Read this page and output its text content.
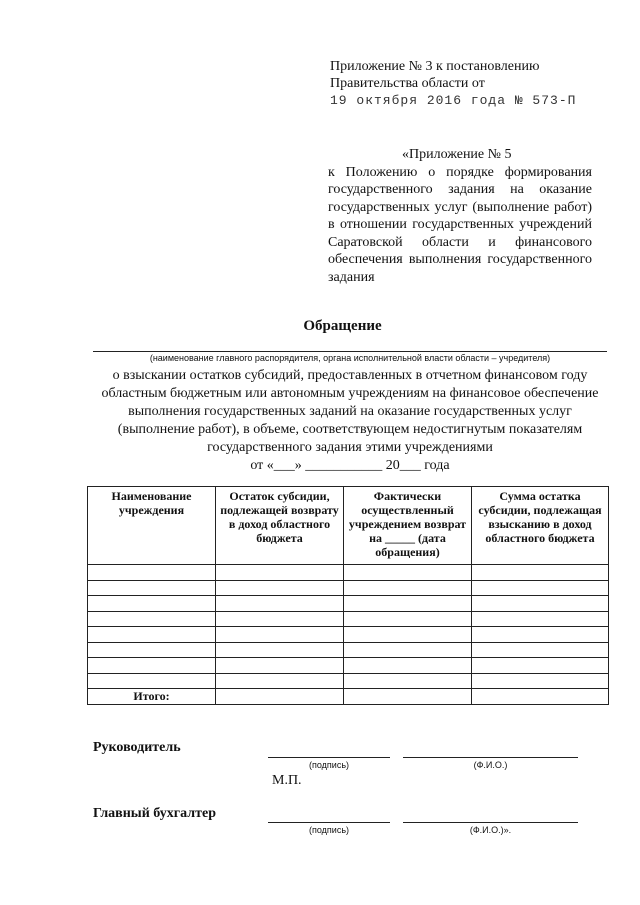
Приложение № 3 к постановлению
Правительства области от
19 октября 2016 года № 573-П
«Приложение № 5
к Положению о порядке формирования государственного задания на оказание государственных услуг (выполнение работ) в отношении государственных учреждений Саратовской области и финансового обеспечения выполнения государственного задания
Обращение
(наименование главного распорядителя, органа исполнительной власти области – учредителя)
о взыскании остатков субсидий, предоставленных в отчетном финансовом году
областным бюджетным или автономным учреждениям на финансовое обеспечение
выполнения государственных заданий на оказание государственных услуг
(выполнение работ), в объеме, соответствующем недостигнутым показателям
государственного задания этими учреждениями
от «___» ___________ 20___ года
Наименование учреждения	Остаток субсидии, подлежащей возврату в доход областного бюджета	Фактически осуществленный учреждением возврат на _____ (дата обращения)	Сумма остатка субсидии, подлежащая взысканию в доход областного бюджета

Итого:			
Руководитель
(подпись)	(Ф.И.О.)
М.П.
Главный бухгалтер
(подпись)	(Ф.И.О.)».
